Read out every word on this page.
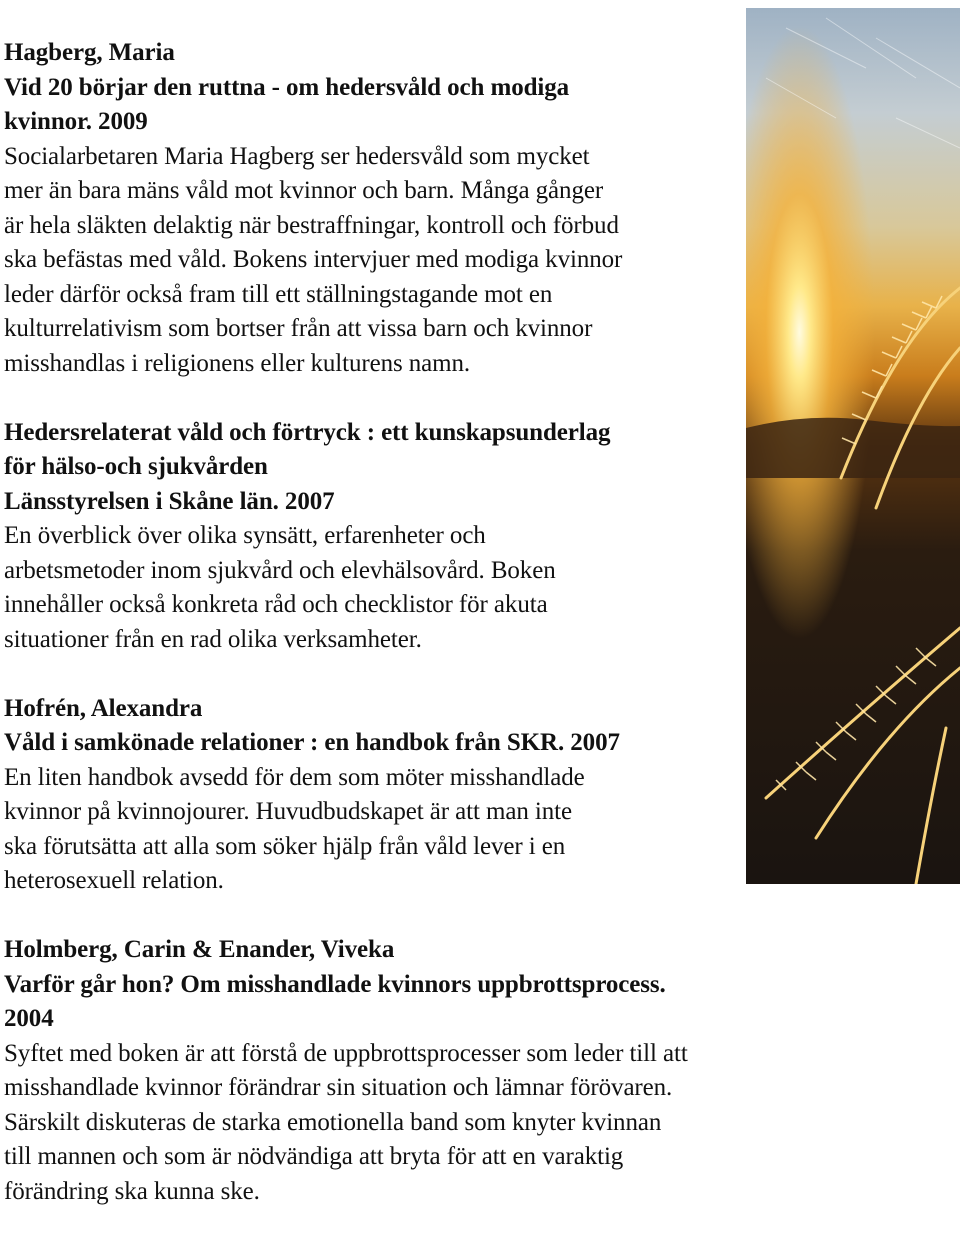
Hagberg, Maria
Vid 20 börjar den ruttna - om hedersvåld och modiga
kvinnor. 2009
Socialarbetaren Maria Hagberg ser hedersvåld som mycket
mer än bara mäns våld mot kvinnor och barn. Många gånger
är hela släkten delaktig när bestraffningar, kontroll och förbud
ska befästas med våld. Bokens intervjuer med modiga kvinnor
leder därför också fram till ett ställningstagande mot en
kulturrelativism som bortser från att vissa barn och kvinnor
misshandlas i religionens eller kulturens namn.
Hedersrelaterat våld och förtryck : ett kunskapsunderlag
för hälso-och sjukvården
Länsstyrelsen i Skåne län. 2007
En överblick över olika synsätt, erfarenheter och
arbetsmetoder inom sjukvård och elevhälsovård. Boken
innehåller också konkreta råd och checklistor för akuta
situationer från en rad olika verksamheter.
Hofrén, Alexandra
Våld i samkönade relationer : en handbok från SKR. 2007
En liten handbok avsedd för dem som möter misshandlade
kvinnor på kvinnojourer. Huvudbudskapet är att man inte
ska förutsätta att alla som söker hjälp från våld lever i en
heterosexuell relation.
Holmberg, Carin & Enander, Viveka
Varför går hon? Om misshandlade kvinnors uppbrottsprocess.
2004
Syftet med boken är att förstå de uppbrottsprocesser som leder till att
misshandlade kvinnor förändrar sin situation och lämnar förövaren.
Särskilt diskuteras de starka emotionella band som knyter kvinnan
till mannen och som är nödvändiga att bryta för att en varaktig
förändring ska kunna ske.
